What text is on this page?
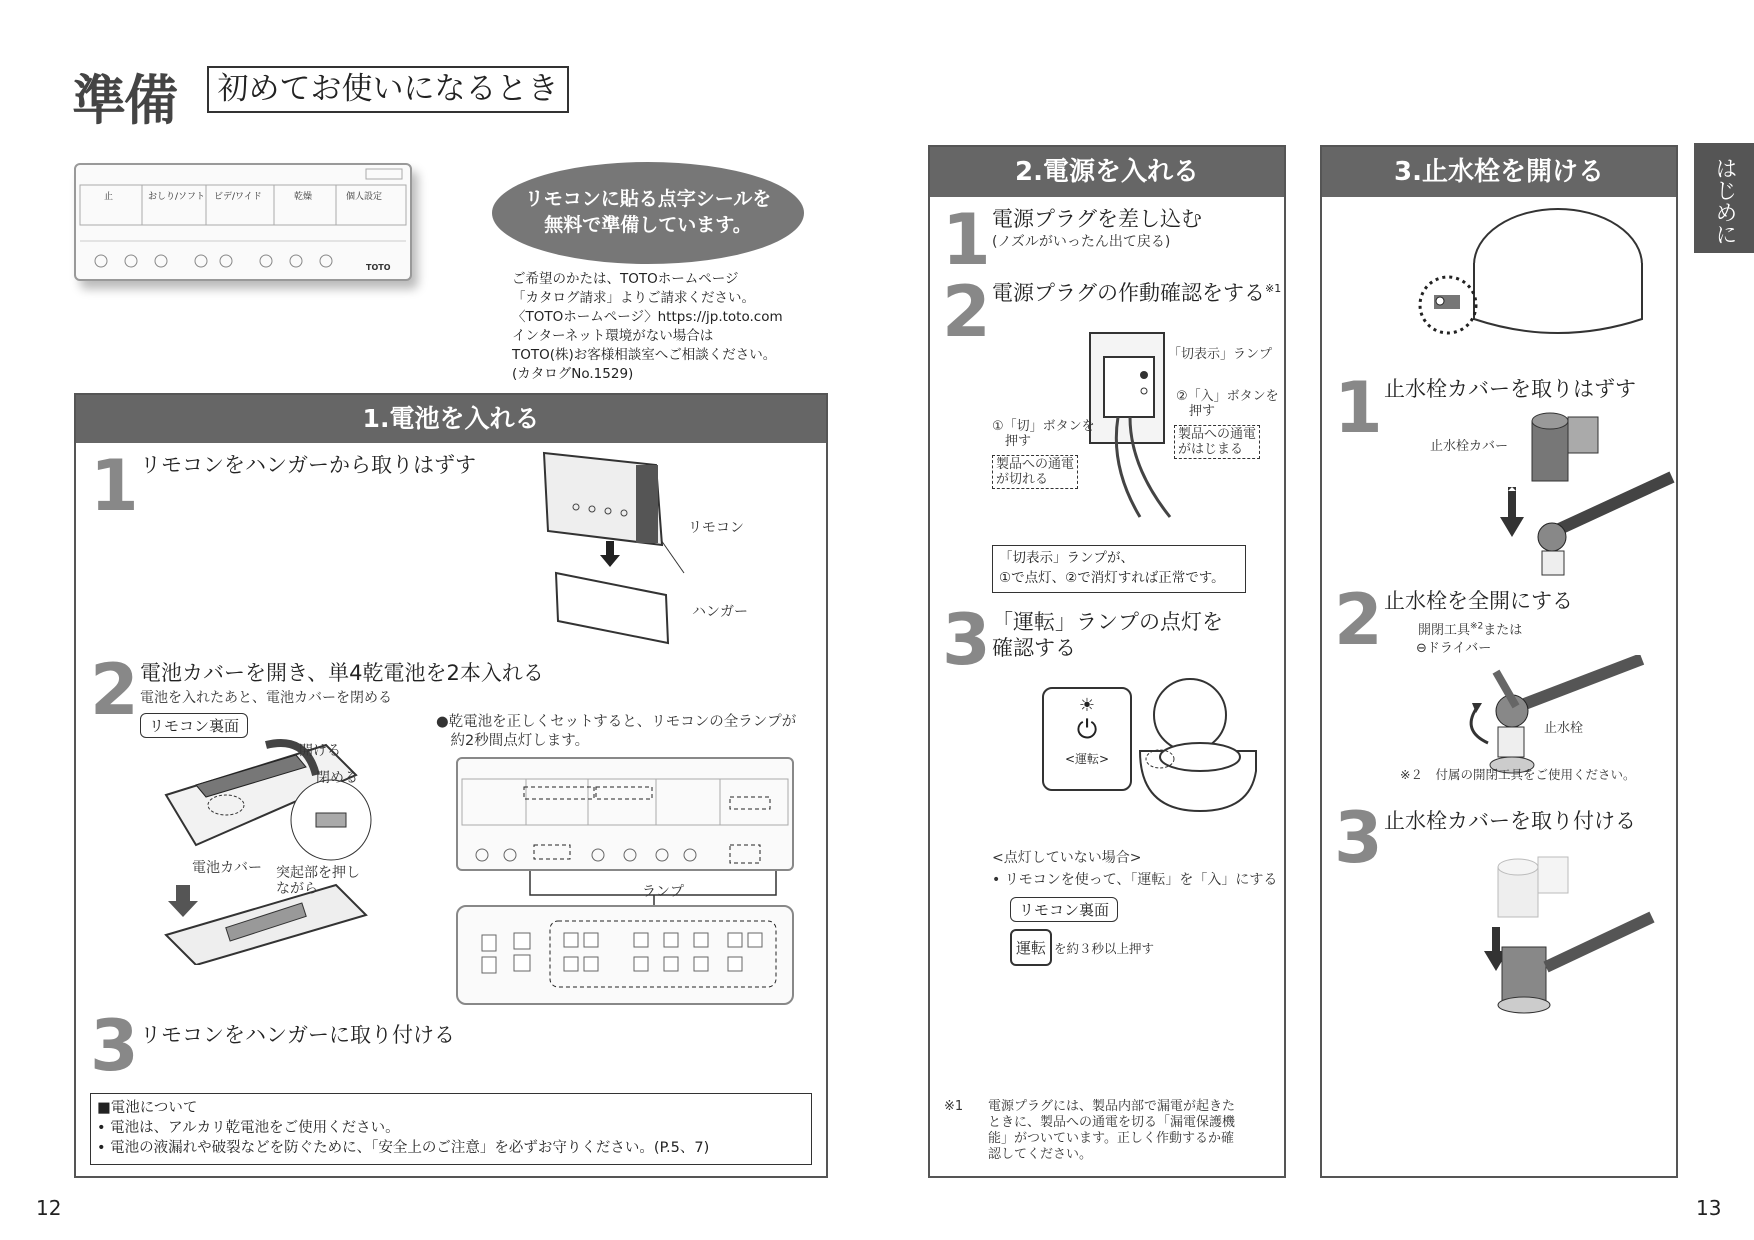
準備	初めてお使いになるとき
はじめに
12	13
止	おしり/ソフト ビデ/ワイド	乾燥	個人設定
TOTO
リモコンに貼る点字シールを
無料で準備しています。
ご希望のかたは、TOTOホームページ
「カタログ請求」よりご請求ください。
〈TOTOホームページ〉https://jp.toto.com
インターネット環境がない場合は
TOTO(株)お客様相談室へご相談ください。
(カタログNo.1529)
1.電池を入れる
1 リモコンをハンガーから取りはずす
リモコン
ハンガー
2 電池カバーを開き、単4乾電池を2本入れる
電池を入れたあと、電池カバーを閉める
リモコン裏面
開ける
閉める
電池カバー 突起部を押し
ながら
●乾電池を正しくセットすると、リモコンの全ランプが
　約2秒間点灯します。
ランプ
3 リモコンをハンガーに取り付ける
■電池について
• 電池は、アルカリ乾電池をご使用ください。
• 電池の液漏れや破裂などを防ぐために、「安全上のご注意」を必ずお守りください。(P.5、7)
2.電源を入れる
1 電源プラグを差し込む
(ノズルがいったん出て戻る)
2 電源プラグの作動確認をする$^{※1}$
「切表示」ランプ
②「入」ボタンを
　押す
製品への通電
がはじまる
①「切」ボタンを
　押す
製品への通電
が切れる
「切表示」ランプが、
①で点灯、②で消灯すれば正常です。
3 「運転」ランプの点灯を
確認する
☀
⏻
<運転>
<点灯していない場合>
• リモコンを使って、「運転」を「入」にする
リモコン裏面
運転 を約３秒以上押す
※1 電源プラグには、製品内部で漏電が起きた
ときに、製品への通電を切る「漏電保護機
能」がついています。正しく作動するか確
認してください。
3.止水栓を開ける
1 止水栓カバーを取りはずす
止水栓カバー
2 止水栓を全開にする
開閉工具$^{※2}$または
⊖ドライバー
止水栓
※２　付属の開閉工具をご使用ください。
3 止水栓カバーを取り付ける
